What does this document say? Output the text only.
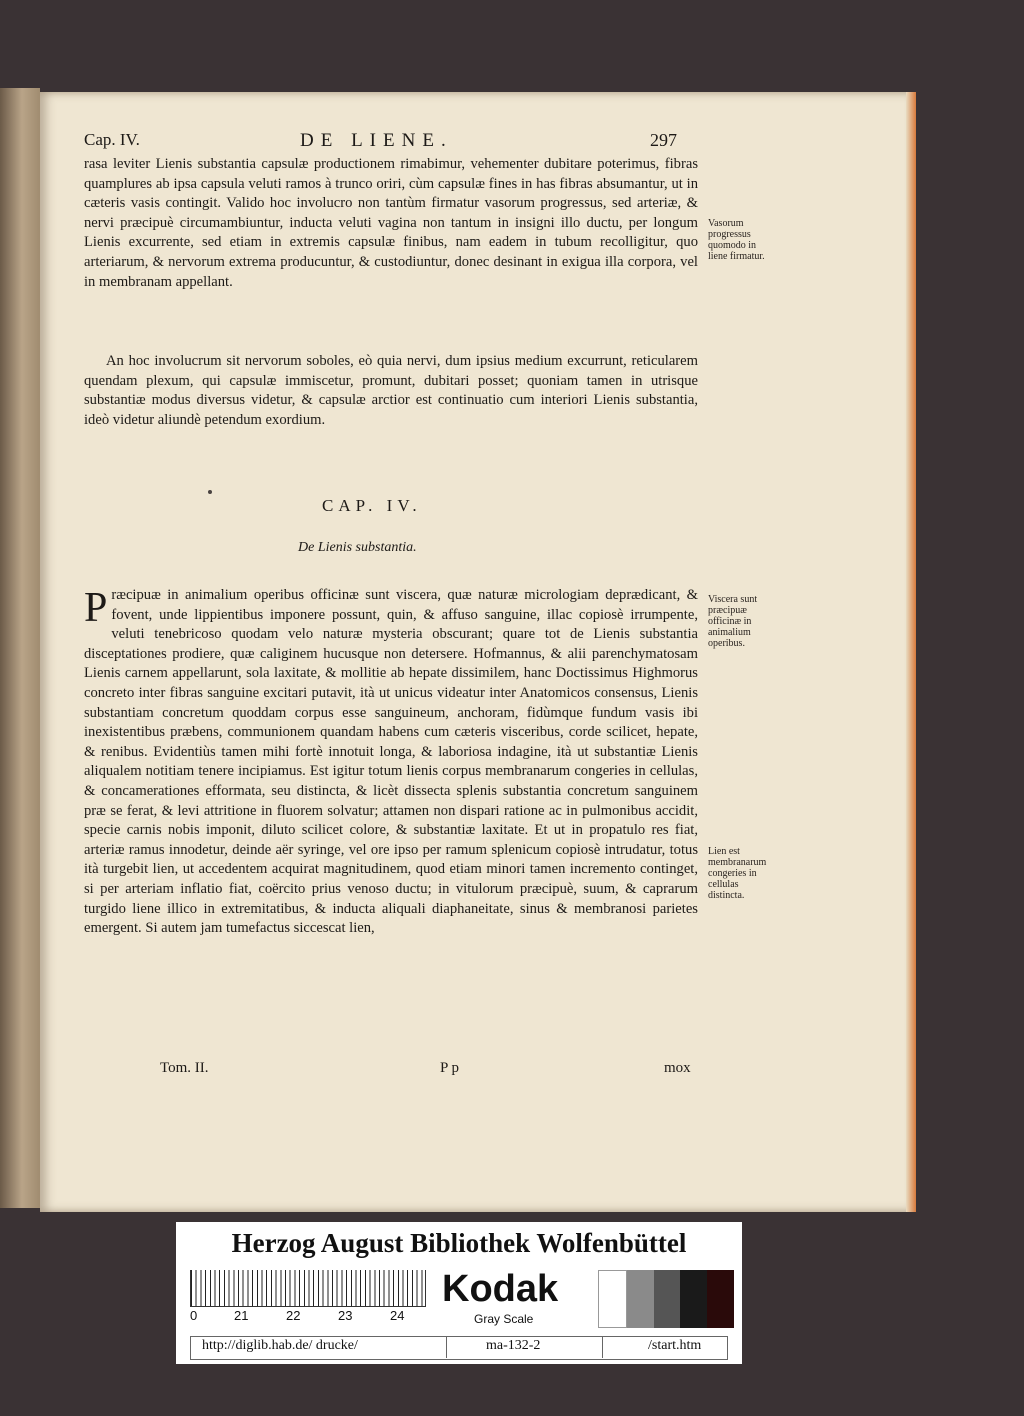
Cap. IV.	DE LIENE.	297
rasa leviter Lienis substantia capsulæ productionem rimabimur, vehementer dubitare poterimus, fibras quamplures ab ipsa capsula veluti ramos à trunco oriri, cùm capsulæ fines in has fibras absumantur, ut in cæteris vasis contingit. Valido hoc involucro non tantùm firmatur vasorum progressus, sed arteriæ, & nervi præcipuè circumambiuntur, inducta veluti vagina non tantum in insigni illo ductu, per longum Lienis excurrente, sed etiam in extremis capsulæ finibus, nam eadem in tubum recolligitur, quo arteriarum, & nervorum extrema producuntur, & custodiuntur, donec desinant in exigua illa corpora, vel in membranam appellant.
An hoc involucrum sit nervorum soboles, eò quia nervi, dum ipsius medium excurrunt, reticularem quendam plexum, qui capsulæ immiscetur, promunt, dubitari posset; quoniam tamen in utrisque substantiæ modus diversus videtur, & capsulæ arctior est continuatio cum interiori Lienis substantia, ideò videtur aliundè petendum exordium.
CAP. IV.
De Lienis substantia.
Præcipuæ in animalium operibus officinæ sunt viscera, quæ naturæ micrologiam deprædicant, & fovent, unde lippientibus imponere possunt, quin, & affuso sanguine, illac copiosè irrumpente, veluti tenebricoso quodam velo naturæ mysteria obscurant; quare tot de Lienis substantia disceptationes prodiere, quæ caliginem hucusque non detersere. Hofmannus, & alii parenchymatosam Lienis carnem appellarunt, sola laxitate, & mollitie ab hepate dissimilem, hanc Doctissimus Highmorus concreto inter fibras sanguine excitari putavit, ità ut unicus videatur inter Anatomicos consensus, Lienis substantiam concretum quoddam corpus esse sanguineum, anchoram, fidùmque fundum vasis ibi inexistentibus præbens, communionem quandam habens cum cæteris visceribus, corde scilicet, hepate, & renibus. Evidentiùs tamen mihi fortè innotuit longa, & laboriosa indagine, ità ut substantiæ Lienis aliqualem notitiam tenere incipiamus. Est igitur totum lienis corpus membranarum congeries in cellulas, & concamerationes efformata, seu distincta, & licèt dissecta splenis substantia concretum sanguinem præ se ferat, & levi attritione in fluorem solvatur; attamen non dispari ratione ac in pulmonibus accidit, specie carnis nobis imponit, diluto scilicet colore, & substantiæ laxitate. Et ut in propatulo res fiat, arteriæ ramus innodetur, deinde aër syringe, vel ore ipso per ramum splenicum copiosè intrudatur, totus ità turgebit lien, ut accedentem acquirat magnitudinem, quod etiam minori tamen incremento continget, si per arteriam inflatio fiat, coërcito prius venoso ductu; in vitulorum præcipuè, suum, & caprarum turgido liene illico in extremitatibus, & inducta aliquali diaphaneitate, sinus & membranosi parietes emergent. Si autem jam tumefactus siccescat lien,
Vasorum progressus quomodo in liene firmatur.
Viscera sunt præcipuæ officinæ in animalium operibus.
Lien est membranarum congeries in cellulas distincta.
Tom. II.	P p	mox
Herzog August Bibliothek Wolfenbüttel
0	21	22	23	24
Kodak
Gray Scale
http://diglib.hab.de/ drucke/	ma-132-2	/start.htm
